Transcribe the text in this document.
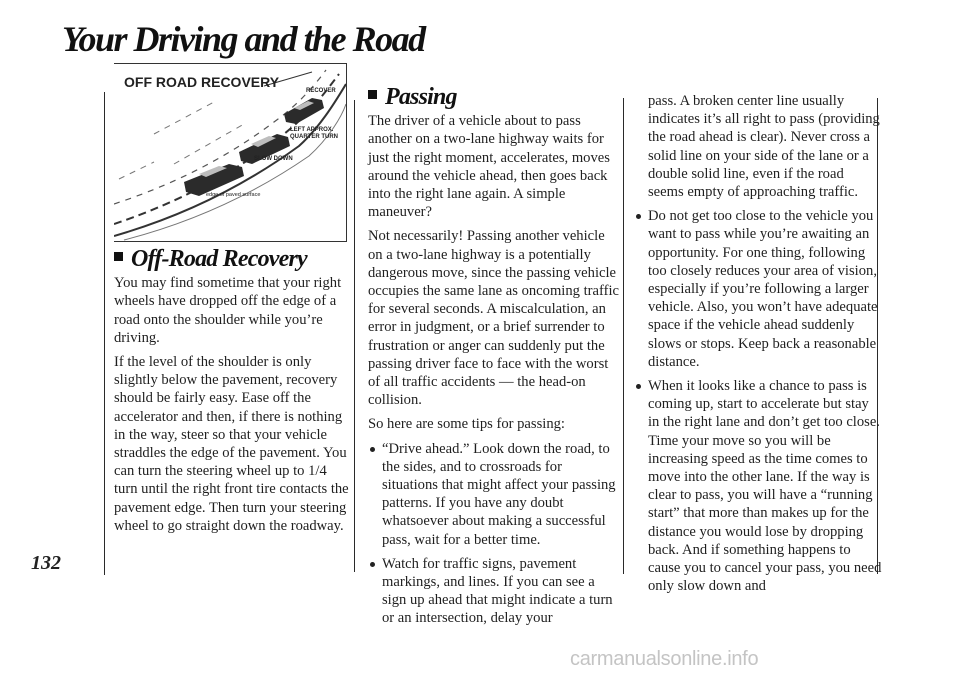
Your Driving and the Road
132
OFF ROAD RECOVERY
RECOVER
LEFT APPROX.
QUARTER TURN
SLOW DOWN
edge of paved surface
Off-Road Recovery

You may find sometime that your right wheels have dropped off the edge of a road onto the shoulder while you’re driving.

If the level of the shoulder is only slightly below the pavement, recovery should be fairly easy. Ease off the accelerator and then, if there is nothing in the way, steer so that your vehicle straddles the edge of the pavement. You can turn the steering wheel up to 1/4 turn until the right front tire contacts the pavement edge. Then turn your steering wheel to go straight down the roadway.

Passing

The driver of a vehicle about to pass another on a two-lane highway waits for just the right moment, accelerates, moves around the vehicle ahead, then goes back into the right lane again. A simple maneuver?

Not necessarily! Passing another vehicle on a two-lane highway is a potentially dangerous move, since the passing vehicle occupies the same lane as oncoming traffic for several seconds. A miscalculation, an error in judgment, or a brief surrender to frustration or anger can suddenly put the passing driver face to face with the worst of all traffic accidents — the head-on collision.

So here are some tips for passing:

“Drive ahead.” Look down the road, to the sides, and to crossroads for situations that might affect your passing patterns. If you have any doubt whatsoever about making a successful pass, wait for a better time.
Watch for traffic signs, pavement markings, and lines. If you can see a sign up ahead that might indicate a turn or an intersection, delay your

pass. A broken center line usually indicates it’s all right to pass (providing the road ahead is clear). Never cross a solid line on your side of the lane or a double solid line, even if the road seems empty of approaching traffic.

Do not get too close to the vehicle you want to pass while you’re awaiting an opportunity. For one thing, following too closely reduces your area of vision, especially if you’re following a larger vehicle. Also, you won’t have adequate space if the vehicle ahead suddenly slows or stops. Keep back a reasonable distance.
When it looks like a chance to pass is coming up, start to accelerate but stay in the right lane and don’t get too close. Time your move so you will be increasing speed as the time comes to move into the other lane. If the way is clear to pass, you will have a “running start” that more than makes up for the distance you would lose by dropping back. And if something happens to cause you to cancel your pass, you need only slow down and
carmanualsonline.info
